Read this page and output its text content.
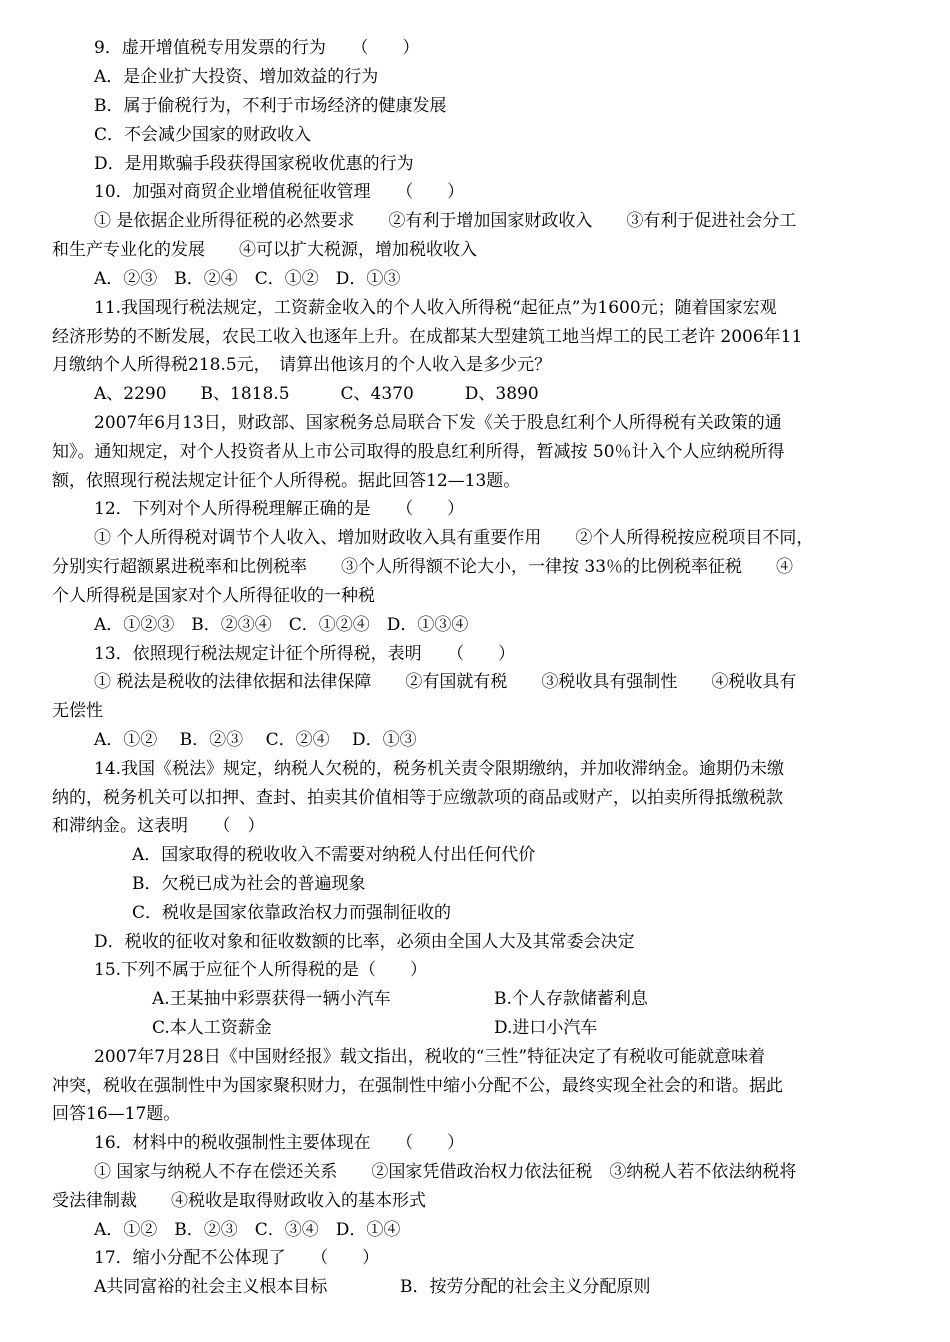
9．虚开增值税专用发票的行为　　（　　）
A．是企业扩大投资、增加效益的行为
B．属于偷税行为，不利于市场经济的健康发展
C．不会减少国家的财政收入
D．是用欺骗手段获得国家税收优惠的行为
10．加强对商贸企业增值税征收管理　　（　　）
① 是依据企业所得征税的必然要求　　②有利于增加国家财政收入　　③有利于促进社会分工
和生产专业化的发展　　④可以扩大税源，增加税收收入
A．②③　B．②④　C．①②　D．①③
11.我国现行税法规定，工资薪金收入的个人收入所得税“起征点”为1600元；随着国家宏观
经济形势的不断发展，农民工收入也逐年上升。在成都某大型建筑工地当焊工的民工老许 2006年11
月缴纳个人所得税218.5元，　请算出他该月的个人收入是多少元？
A、2290　　B、1818.5　　　C、4370　　　D、3890
2007年6月13日，财政部、国家税务总局联合下发《关于股息红利个人所得税有关政策的通
知》。通知规定，对个人投资者从上市公司取得的股息红利所得，暂减按 50％计入个人应纳税所得
额，依照现行税法规定计征个人所得税。据此回答12—13题。
12．下列对个人所得税理解正确的是　　（　　）
① 个人所得税对调节个人收入、增加财政收入具有重要作用　　②个人所得税按应税项目不同，
分别实行超额累进税率和比例税率　　③个人所得额不论大小，一律按 33％的比例税率征税　　④
个人所得税是国家对个人所得征收的一种税
A．①②③　B．②③④　C．①②④　D．①③④
13．依照现行税法规定计征个所得税，表明　　（　　）
① 税法是税收的法律依据和法律保障　　②有国就有税　　③税收具有强制性　　④税收具有
无偿性
A．①②　 B．②③　 C．②④　 D．①③
14.我国《税法》规定，纳税人欠税的，税务机关责令限期缴纳，并加收滞纳金。逾期仍未缴
纳的，税务机关可以扣押、查封、拍卖其价值相等于应缴款项的商品或财产，以拍卖所得抵缴税款
和滞纳金。这表明　　（　）
A．国家取得的税收收入不需要对纳税人付出任何代价
B．欠税已成为社会的普遍现象
C．税收是国家依靠政治权力而强制征收的
D．税收的征收对象和征收数额的比率，必须由全国人大及其常委会决定
15.下列不属于应征个人所得税的是（　　）
A.王某抽中彩票获得一辆小汽车	B.个人存款储蓄利息
C.本人工资薪金	D.进口小汽车
2007年7月28日《中国财经报》载文指出，税收的“三性”特征决定了有税收可能就意味着
冲突，税收在强制性中为国家聚积财力，在强制性中缩小分配不公，最终实现全社会的和谐。据此
回答16—17题。
16．材料中的税收强制性主要体现在　　（　　）
① 国家与纳税人不存在偿还关系　　②国家凭借政治权力依法征税　③纳税人若不依法纳税将
受法律制裁　　④税收是取得财政收入的基本形式
A．①②　B．②③　C．③④　D．①④
17．缩小分配不公体现了　　（　　）
A共同富裕的社会主义根本目标	B．按劳分配的社会主义分配原则
